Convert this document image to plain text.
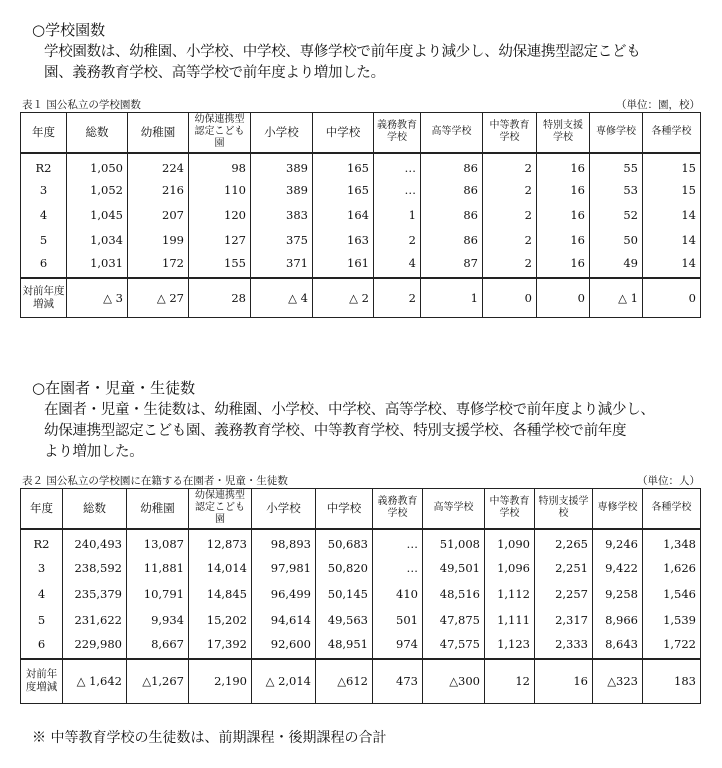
○学校園数
学校園数は、幼稚園、小学校、中学校、専修学校で前年度より減少し、幼保連携型認定こども
園、義務教育学校、高等学校で前年度より増加した。
表１ 国公私立の学校園数	（単位：園，校）
年度	総数	幼稚園	幼保連携型認定こども園	小学校	中学校	義務教育学校	高等学校	中等教育学校	特別支援学校	専修学校	各種学校
R2	1,050	224	98	389	165	…	86	2	16	55	15
3	1,052	216	110	389	165	…	86	2	16	53	15
4	1,045	207	120	383	164	1	86	2	16	52	14
5	1,034	199	127	375	163	2	86	2	16	50	14
6	1,031	172	155	371	161	4	87	2	16	49	14
対前年度増減	△ 3	△ 27	28	△ 4	△ 2	2	1	0	0	△ 1	0
○在園者・児童・生徒数
在園者・児童・生徒数は、幼稚園、小学校、中学校、高等学校、専修学校で前年度より減少し、
幼保連携型認定こども園、義務教育学校、中等教育学校、特別支援学校、各種学校で前年度
より増加した。
表２ 国公私立の学校園に在籍する在園者・児童・生徒数	（単位：人）
年度	総数	幼稚園	幼保連携型認定こども園	小学校	中学校	義務教育学校	高等学校	中等教育学校	特別支援学校	専修学校	各種学校
R2	240,493	13,087	12,873	98,893	50,683	…	51,008	1,090	2,265	9,246	1,348
3	238,592	11,881	14,014	97,981	50,820	…	49,501	1,096	2,251	9,422	1,626
4	235,379	10,791	14,845	96,499	50,145	410	48,516	1,112	2,257	9,258	1,546
5	231,622	9,934	15,202	94,614	49,563	501	47,875	1,111	2,317	8,966	1,539
6	229,980	8,667	17,392	92,600	48,951	974	47,575	1,123	2,333	8,643	1,722
対前年度増減	△ 1,642	△1,267	2,190	△ 2,014	△612	473	△300	12	16	△323	183
※ 中等教育学校の生徒数は、前期課程・後期課程の合計
